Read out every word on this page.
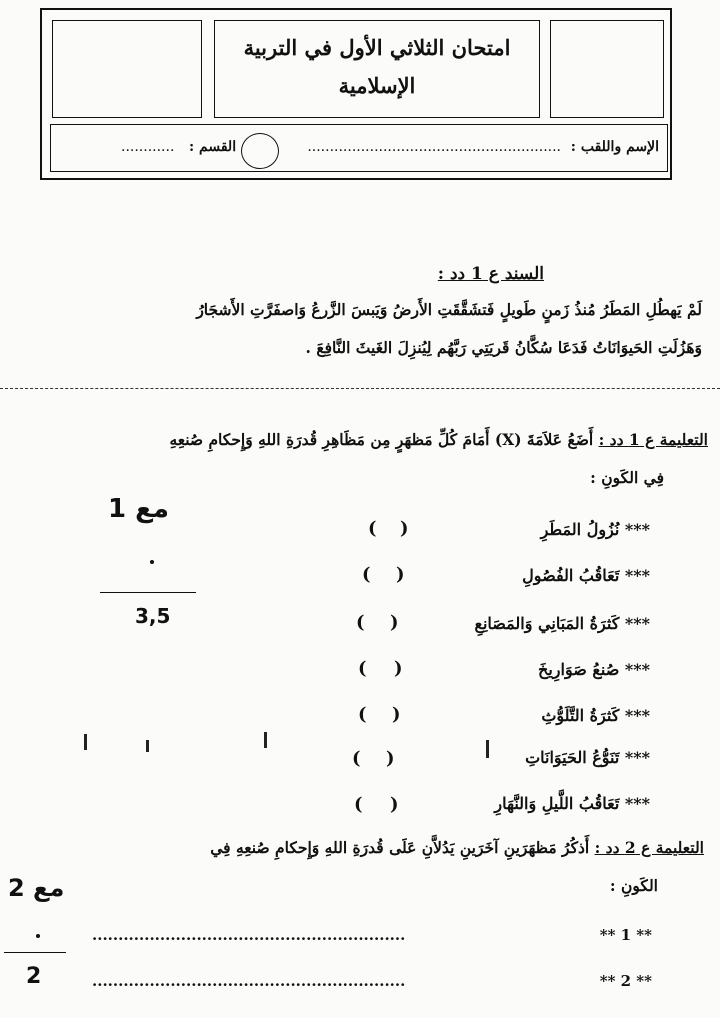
امتحان الثلاثي الأول في التربية
الإسلامية
الإسم واللقب :
.........................................................
القسم :
............
السند ع 1 دد :
لَمْ يَهطُلِ المَطَرُ مُنذُ زَمنٍ طَويلٍ فَتشَقَّقَتِ الأَرضُ وَيَبسَ الزَّرعُ وَاصفَرَّتِ الأَشجَارُ
وَهَزُلَتِ الحَيوَانَاتُ فَدَعَا سُكَّانُ قَريَتِي رَبَّهُم لِيُنزِلَ الغَيثَ النَّافِعَ .
التعليمة ع 1 دد : أَضَعُ عَلاَمَةَ (X) أَمَامَ كُلِّ مَظهَرٍ مِن مَظَاهِرِ قُدرَةِ اللهِ وَإِحكامِ صُنعِهِ
فِي الكَونِ :
مع 1
3,5
*** نُزُولُ المَطَرِ
*** تَعَاقُبُ الفُصُولِ
*** كَثرَةُ المَبَانِي وَالمَصَانِعِ
*** صُنعُ صَوَارِيخَ
*** كَثرَةُ التَّلَوُّثِ
*** تَنَوُّعُ الحَيَوَانَاتِ
*** تَعَاقُبُ اللَّيلِ وَالنَّهَارِ
( )
( )
( )
( )
( )
( )
( )
التعليمة ع 2 دد : أَذكُرُ مَظهَرَينِ آخَرَينِ يَدُلاَّنِ عَلَى قُدرَةِ اللهِ وَإِحكامِ صُنعِهِ فِي
الكَونِ :
مع 2
2
............................................................	** 1 **
............................................................	** 2 **
